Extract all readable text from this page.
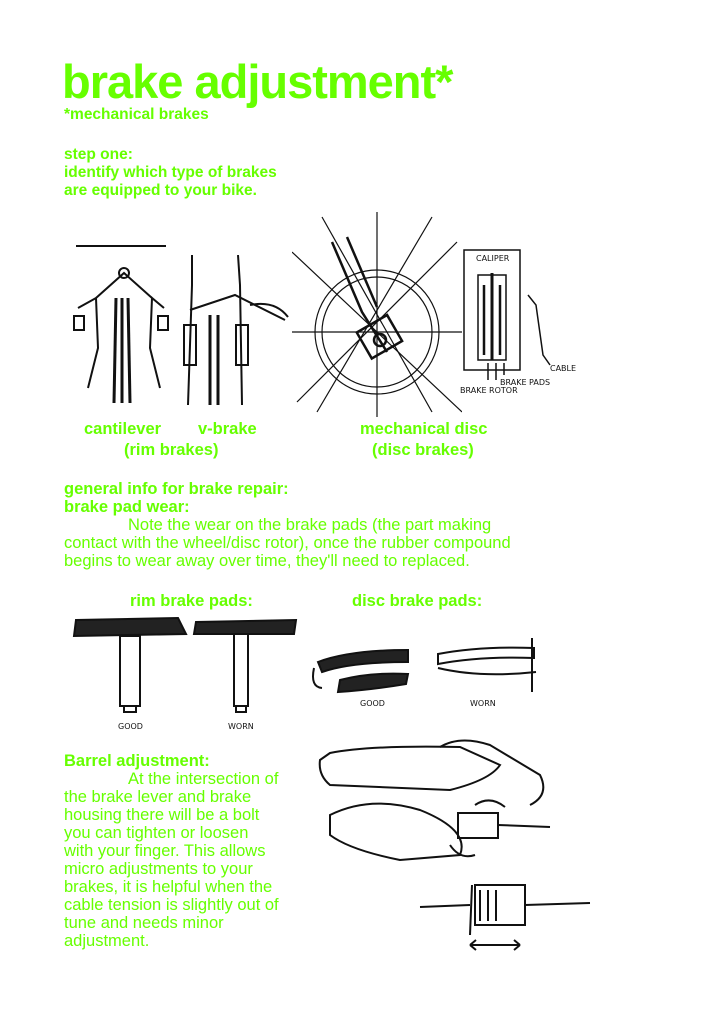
brake adjustment*
*mechanical brakes
step one:
identify which type of brakes
are equipped to your bike.
CALIPER
CABLE
BRAKE ROTOR
BRAKE PADS
cantilever v-brake
(rim brakes)
mechanical disc
(disc brakes)
general info for brake repair:
brake pad wear:

Note the wear on the brake pads (the part making

contact with the wheel/disc rotor), once the rubber compound

begins to wear away over time, they'll need to replaced.

rim brake pads:	disc brake pads:
GOOD	WORN
GOOD	WORN
Barrel adjustment:

At the intersection of

the brake lever and brake

housing there will be a bolt

you can tighten or loosen

with your finger. This allows

micro adjustments to your

brakes, it is helpful when the

cable tension is slightly out of

tune and needs minor

adjustment.
